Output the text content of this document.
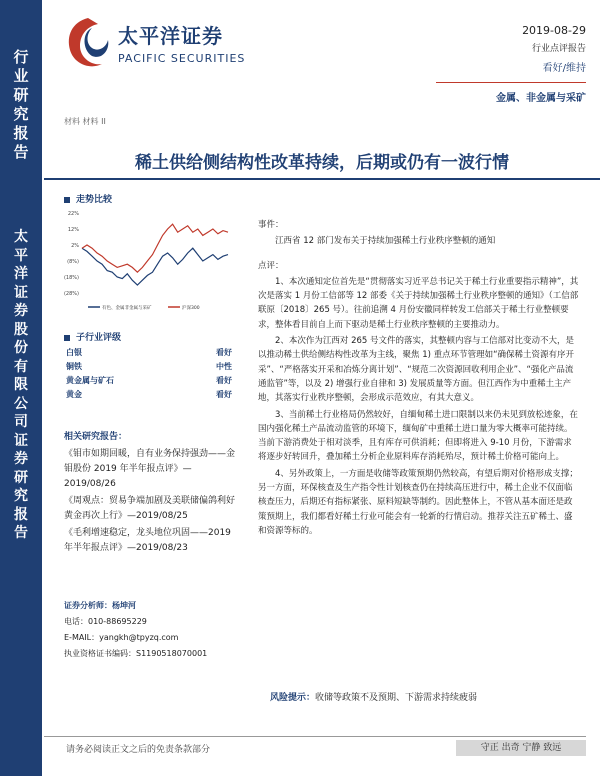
行
业
研
究
报
告
太
平
洋
证
券
股
份
有
限
公
司
证
券
研
究
报
告
太平洋证券
PACIFIC SECURITIES
2019-08-29
行业点评报告
看好/维持
金属、非金属与采矿
材料 材料 II
稀土供给侧结构性改革持续，后期或仍有一波行情
走势比较
22%
12%
2%
(8%)
(18%)
(28%)
有色、金属非金属与采矿	沪深300
子行业评级
白银	看好
铜铁	中性
黄金属与矿石	看好
黄金	看好
相关研究报告：
《钼市如期回暖，自有业务保持强劲——金钼股份 2019 年半年报点评》—2019/08/26
《周观点：贸易争端加剧及美联储偏鸽利好黄金再次上行》—2019/08/25
《毛利增速稳定，龙头地位巩固——2019 年半年报点评》—2019/08/23
证券分析师：杨坤河
电话：010-88695229
E-MAIL：yangkh@tpyzq.com
执业资格证书编码：S1190518070001

事件：

江西省 12 部门发布关于持续加强稀土行业秩序整顿的通知

点评：

1、本次通知定位首先是“贯彻落实习近平总书记关于稀土行业重要指示精神”，其次是落实 1 月份工信部等 12 部委《关于持续加强稀土行业秩序整顿的通知》（工信部联原〔2018〕265 号）。往前追溯 4 月份安徽同样转发工信部关于稀土行业整顿要求，整体看目前自上而下驱动是稀土行业秩序整顿的主要推动力。

2、本次作为江西对 265 号文件的落实，其整顿内容与工信部对比变动不大，是以推动稀土供给侧结构性改革为主线，聚焦 1) 重点环节管理如“确保稀土资源有序开采”、“严格落实开采和冶炼分离计划”、“规范二次资源回收利用企业”、“强化产品流通监管”等，以及 2) 增强行业自律和 3) 发展质量等方面。但江西作为中重稀土主产地，其落实行业秩序整顿，会形成示范效应，有其大意义。

3、当前稀土行业格局仍然较好，自缅甸稀土进口限制以来仍未见到放松迹象，在国内强化稀土产品流动监管的环境下，缅甸矿中重稀土进口量为零大概率可能持续。当前下游消费处于相对淡季，且有库存可供消耗；但即将进入 9-10 月份，下游需求将逐步好转回升，叠加稀土分析企业原料库存消耗殆尽，预计稀土价格可能向上。

4、另外政策上，一方面是收储等政策预期仍然较高，有望后期对价格形成支撑；另一方面，环保核查及生产指令性计划核查仍在持续高压进行中，稀土企业不仅面临核查压力，后期还有指标紧张、原料短缺等制约。因此整体上，不管从基本面还是政策预期上，我们都看好稀土行业可能会有一轮新的行情启动。推荐关注五矿稀土、盛和资源等标的。

风险提示：收储等政策不及预期、下游需求持续疲弱
请务必阅读正文之后的免责条款部分	守正 出奇 宁静 致远
